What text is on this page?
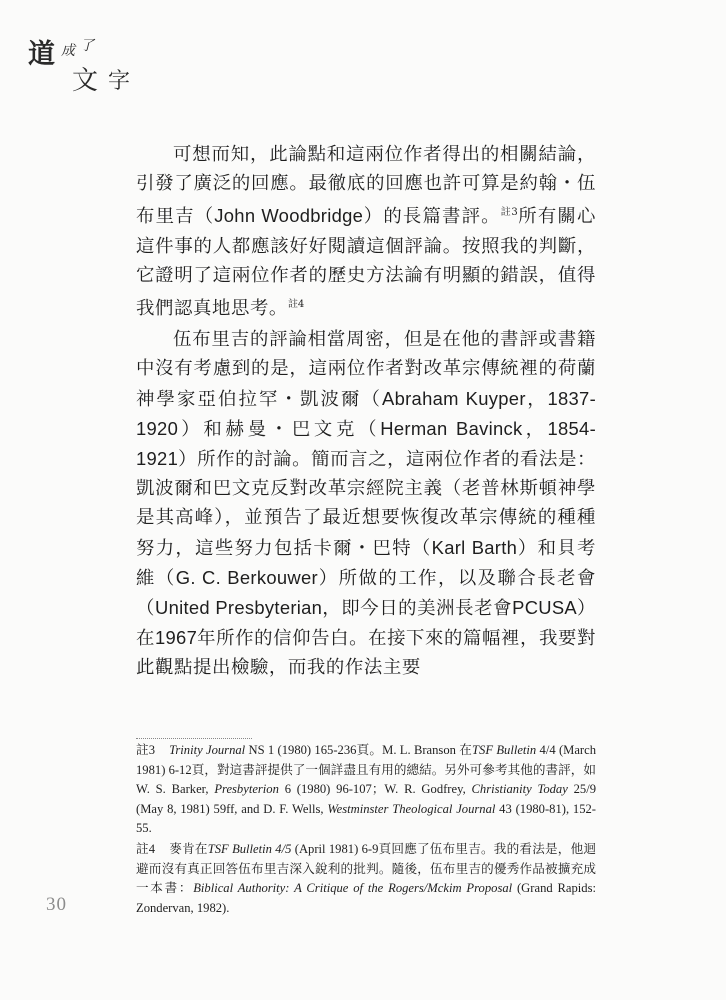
道 成 了
文 字

可想而知，此論點和這兩位作者得出的相關結論，引發了廣泛的回應。最徹底的回應也許可算是約翰・伍布里吉（John Woodbridge）的長篇書評。$^{註3}$所有關心這件事的人都應該好好閱讀這個評論。按照我的判斷，它證明了這兩位作者的歷史方法論有明顯的錯誤，值得我們認真地思考。$^{註4}$

伍布里吉的評論相當周密，但是在他的書評或書籍中沒有考慮到的是，這兩位作者對改革宗傳統裡的荷蘭神學家亞伯拉罕・凱波爾（Abraham Kuyper，1837-1920）和赫曼・巴文克（Herman Bavinck，1854-1921）所作的討論。簡而言之，這兩位作者的看法是：凱波爾和巴文克反對改革宗經院主義（老普林斯頓神學是其高峰），並預告了最近想要恢復改革宗傳統的種種努力，這些努力包括卡爾・巴特（Karl Barth）和貝考維（G. C. Berkouwer）所做的工作，以及聯合長老會（United Presbyterian，即今日的美洲長老會PCUSA）在1967年所作的信仰告白。在接下來的篇幅裡，我要對此觀點提出檢驗，而我的作法主要

註3 Trinity Journal NS 1 (1980) 165-236頁。M. L. Branson 在TSF Bulletin 4/4 (March 1981) 6-12頁，對這書評提供了一個詳盡且有用的總結。另外可參考其他的書評，如W. S. Barker, Presbyterion 6 (1980) 96-107；W. R. Godfrey, Christianity Today 25/9 (May 8, 1981) 59ff, and D. F. Wells, Westminster Theological Journal 43 (1980-81), 152-55.
註4 麥肯在TSF Bulletin 4/5 (April 1981) 6-9頁回應了伍布里吉。我的看法是，他迴避而沒有真正回答伍布里吉深入銳利的批判。隨後，伍布里吉的優秀作品被擴充成一本書：Biblical Authority: A Critique of the Rogers/Mckim Proposal (Grand Rapids: Zondervan, 1982).
30
